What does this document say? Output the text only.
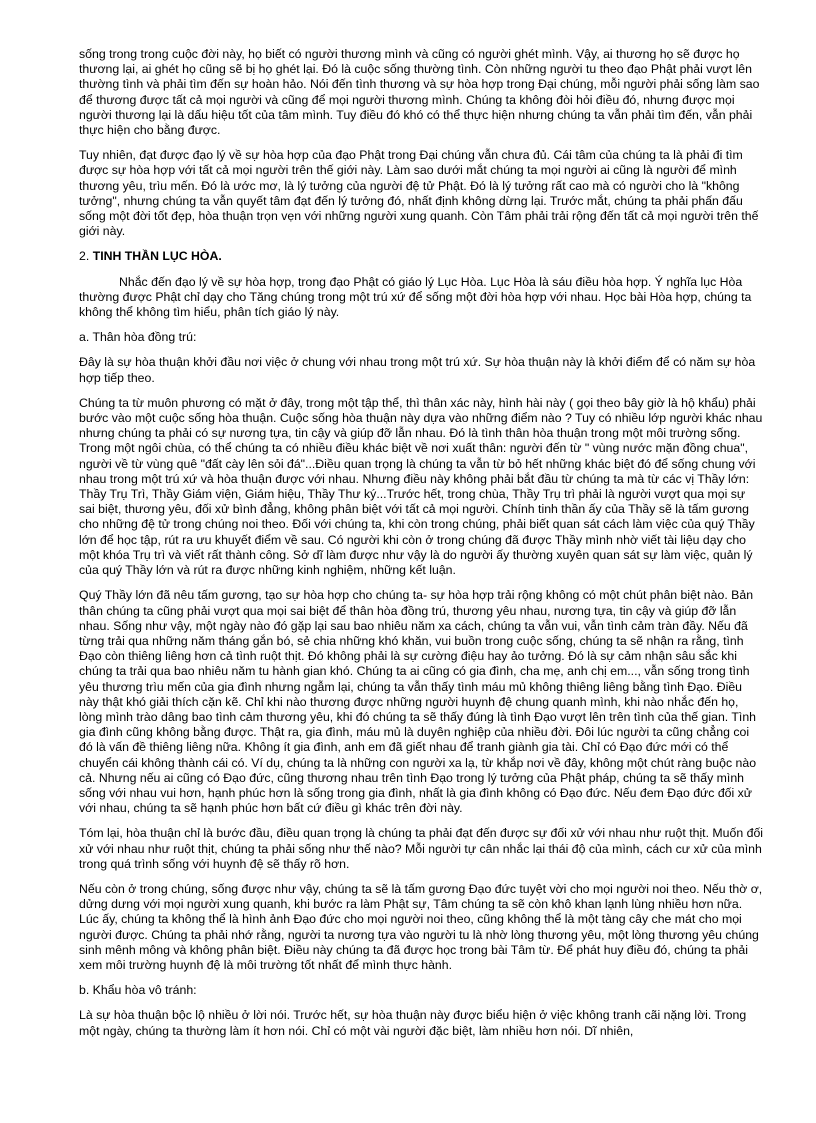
sống trong trong cuộc đời này, họ biết có người thương mình và cũng có người ghét mình. Vậy, ai thương họ sẽ được họ thương lại, ai ghét họ cũng sẽ bị họ ghét lại. Đó là cuộc sống thường tình. Còn những người tu theo đạo Phật phải vượt lên thường tình và phải tìm đến sự hoàn hảo. Nói đến tình thương và sự hòa hợp trong Đại chúng, mỗi người phải sống làm sao để thương được tất cả mọi người và cũng để mọi người thương mình. Chúng ta không đòi hỏi điều đó, nhưng được mọi người thương lại là dấu hiệu tốt của tâm mình. Tuy điều đó khó có thể thực hiện nhưng chúng ta vẫn phải tìm đến, vẫn phải thực hiện cho bằng được.

Tuy nhiên, đạt được đạo lý về sự hòa hợp của đạo Phật trong Đại chúng vẫn chưa đủ. Cái tâm của chúng ta là phải đi tìm được sự hòa hợp với tất cả mọi người trên thế giới này. Làm sao dưới mắt chúng ta mọi người ai cũng là người để mình thương yêu, trìu mến. Đó là ước mơ, là lý tưởng của người đệ tử Phật. Đó là lý tưởng rất cao mà có người cho là "không tưởng", nhưng chúng ta vẫn quyết tâm đạt đến lý tưởng đó, nhất định không dừng lại. Trước mắt, chúng ta phải phấn đấu sống một đời tốt đẹp, hòa thuận trọn vẹn với những người xung quanh. Còn Tâm phải trải rộng đến tất cả mọi người trên thế giới này.

2. TINH THẦN LỤC HÒA.

Nhắc đến đạo lý về sự hòa hợp, trong đạo Phật có giáo lý Lục Hòa. Lục Hòa là sáu điều hòa hợp. Ý nghĩa lục Hòa thường được Phật chỉ dạy cho Tăng chúng trong một trú xứ để sống một đời hòa hợp với nhau. Học bài Hòa hợp, chúng ta không thể không tìm hiểu, phân tích giáo lý này.

a. Thân hòa đồng trú:

Đây là sự hòa thuận khởi đầu nơi việc ở chung với nhau trong một trú xứ. Sự hòa thuận này là khởi điểm để có năm sự hòa hợp tiếp theo.

Chúng ta từ muôn phương có mặt ở đây, trong một tập thể, thì thân xác này, hình hài này ( gọi theo bây giờ là hộ khẩu) phải bước vào một cuộc sống hòa thuận. Cuộc sống hòa thuận này dựa vào những điểm nào ? Tuy có nhiều lớp người khác nhau nhưng chúng ta phải có sự nương tựa, tin cậy và giúp đỡ lẫn nhau. Đó là tình thân hòa thuận trong một môi trường sống. Trong một ngôi chùa, có thể chúng ta có nhiều điều khác biệt về nơi xuất thân: người đến từ " vùng nước mặn đồng chua", người về từ vùng quê "đất cày lên sỏi đá"...Điều quan trọng là chúng ta vẫn từ bỏ hết những khác biệt đó để sống chung với nhau trong một trú xứ và hòa thuận được với nhau. Nhưng điều này không phải bắt đầu từ chúng ta mà từ các vị Thầy lớn: Thầy Trụ Trì, Thầy Giám viện, Giám hiệu, Thầy Thư ký...Trước hết, trong chùa, Thầy Trụ trì phải là người vượt qua mọi sự sai biệt, thương yêu, đối xử bình đẳng, không phân biệt với tất cả mọi người. Chính tinh thần ấy của Thầy sẽ là tấm gương cho những đệ tử trong chúng noi theo. Đối với chúng ta, khi còn trong chúng, phải biết quan sát cách làm việc của quý Thầy lớn để học tập, rút ra ưu khuyết điểm về sau. Có người khi còn ở trong chúng đã được Thầy mình nhờ viết tài liệu dạy cho một khóa Trụ trì và viết rất thành công. Sở dĩ làm được như vậy là do người ấy thường xuyên quan sát sự làm việc, quản lý của quý Thầy lớn và rút ra được những kinh nghiệm, những kết luận.

Quý Thầy lớn đã nêu tấm gương, tạo sự hòa hợp cho chúng ta- sự hòa hợp trải rộng không có một chút phân biệt nào. Bản thân chúng ta cũng phải vượt qua mọi sai biệt để thân hòa đồng trú, thương yêu nhau, nương tựa, tin cậy và giúp đỡ lẫn nhau. Sống như vậy, một ngày nào đó gặp lại sau bao nhiêu năm xa cách, chúng ta vẫn vui, vẫn tình cảm tràn đầy. Nếu đã từng trải qua những năm tháng gắn bó, sẻ chia những khó khăn, vui buồn trong cuộc sống, chúng ta sẽ nhận ra rằng, tình Đạo còn thiêng liêng hơn cả tình ruột thịt. Đó không phải là sự cường điệu hay ảo tưởng. Đó là sự cảm nhận sâu sắc khi chúng ta trải qua bao nhiêu năm tu hành gian khó. Chúng ta ai cũng có gia đình, cha mẹ, anh chị em..., vẫn sống trong tình yêu thương trìu mến của gia đình nhưng ngẫm lại, chúng ta vẫn thấy tình máu mủ không thiêng liêng bằng tình Đạo. Điều này thật khó giải thích cặn kẽ. Chỉ khi nào thương được những người huynh đệ chung quanh mình, khi nào nhắc đến họ, lòng mình trào dâng bao tình cảm thương yêu, khi đó chúng ta sẽ thấy đúng là tình Đạo vượt lên trên tình của thế gian. Tình gia đình cũng không bằng được. Thật ra, gia đình, máu mủ là duyên nghiệp của nhiều đời. Đôi lúc người ta cũng chẳng coi đó là vấn đề thiêng liêng nữa. Không ít gia đình, anh em đã giết nhau để tranh giành gia tài. Chỉ có Đạo đức mới có thể chuyển cái không thành cái có. Ví dụ, chúng ta là những con người xa lạ, từ khắp nơi về đây, không một chút ràng buộc nào cả. Nhưng nếu ai cũng có Đạo đức, cũng thương nhau trên tình Đạo trong lý tưởng của Phật pháp, chúng ta sẽ thấy mình sống với nhau vui hơn, hạnh phúc hơn là sống trong gia đình, nhất là gia đình không có Đạo đức. Nếu đem Đạo đức đối xử với nhau, chúng ta sẽ hạnh phúc hơn bất cứ điều gì khác trên đời này.

Tóm lại, hòa thuận chỉ là bước đầu, điều quan trọng là chúng ta phải đạt đến được sự đối xử với nhau như ruột thịt. Muốn đối xử với nhau như ruột thịt, chúng ta phải sống như thế nào? Mỗi người tự cân nhắc lại thái độ của mình, cách cư xử của mình trong quá trình sống với huynh đệ sẽ thấy rõ hơn.

Nếu còn ở trong chúng, sống được như vậy, chúng ta sẽ là tấm gương Đạo đức tuyệt vời cho mọi người noi theo. Nếu thờ ơ, dửng dưng với mọi người xung quanh, khi bước ra làm Phật sự, Tâm chúng ta sẽ còn khô khan lạnh lùng nhiều hơn nữa. Lúc ấy, chúng ta không thể là hình ảnh Đạo đức cho mọi người noi theo, cũng không thể là một tàng cây che mát cho mọi người được. Chúng ta phải nhớ rằng, người ta nương tựa vào người tu là nhờ lòng thương yêu, một lòng thương yêu chúng sinh mênh mông và không phân biệt. Điều này chúng ta đã được học trong bài Tâm từ. Để phát huy điều đó, chúng ta phải xem môi trường huynh đệ là môi trường tốt nhất để mình thực hành.

b. Khẩu hòa vô tránh:

Là sự hòa thuận bộc lộ nhiều ở lời nói. Trước hết, sự hòa thuận này được biểu hiện ở việc không tranh cãi nặng lời. Trong một ngày, chúng ta thường làm ít hơn nói. Chỉ có một vài người đặc biệt, làm nhiều hơn nói. Dĩ nhiên,
